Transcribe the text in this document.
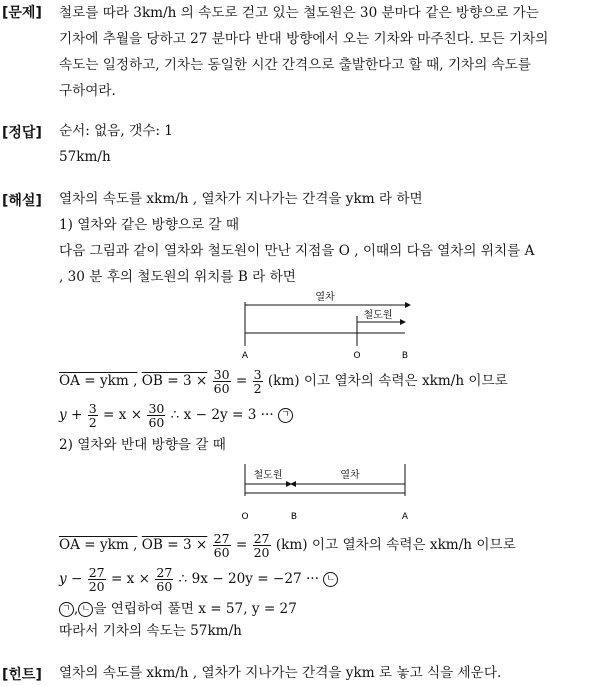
[문제] 철로를 따라 3km/h 의 속도로 걷고 있는 철도원은 30 분마다 같은 방향으로 가는
기차에 추월을 당하고 27 분마다 반대 방향에서 오는 기차와 마주친다. 모든 기차의
속도는 일정하고, 기차는 동일한 시간 간격으로 출발한다고 할 때, 기차의 속도를
구하여라.
[정답] 순서: 없음, 갯수: 1
57km/h
[해설] 열차의 속도를 xkm/h , 열차가 지나가는 간격을 ykm 라 하면
1) 열차와 같은 방향으로 갈 때
다음 그림과 같이 열차와 철도원이 만난 지점을 O , 이때의 다음 열차의 위치를 A
, 30 분 후의 철도원의 위치를 B 라 하면
열차
철도원
A	O	B
OA = ykm , OB = $3 \times \frac{30}{60} = \frac{3}{2} (km)$ 이고 열차의 속력은 xkm/h 이므로
$y + \frac{3}{2} = x \times \frac{30}{60}$ ∴ x − 2y = 3 ··· ㄱ
2) 열차와 반대 방향을 갈 때
철도원	열차
O	B	A
OA = ykm , OB = $3 \times \frac{27}{60} = \frac{27}{20} (km)$ 이고 열차의 속력은 xkm/h 이므로
$y - \frac{27}{20} = x \times \frac{27}{60}$ ∴ 9x − 20y = −27 ··· ㄴ
ㄱ , ㄴ 을 연립하여 풀면 x = 57, y = 27
따라서 기차의 속도는 57km/h
[힌트] 열차의 속도를 xkm/h , 열차가 지나가는 간격을 ykm 로 놓고 식을 세운다.
